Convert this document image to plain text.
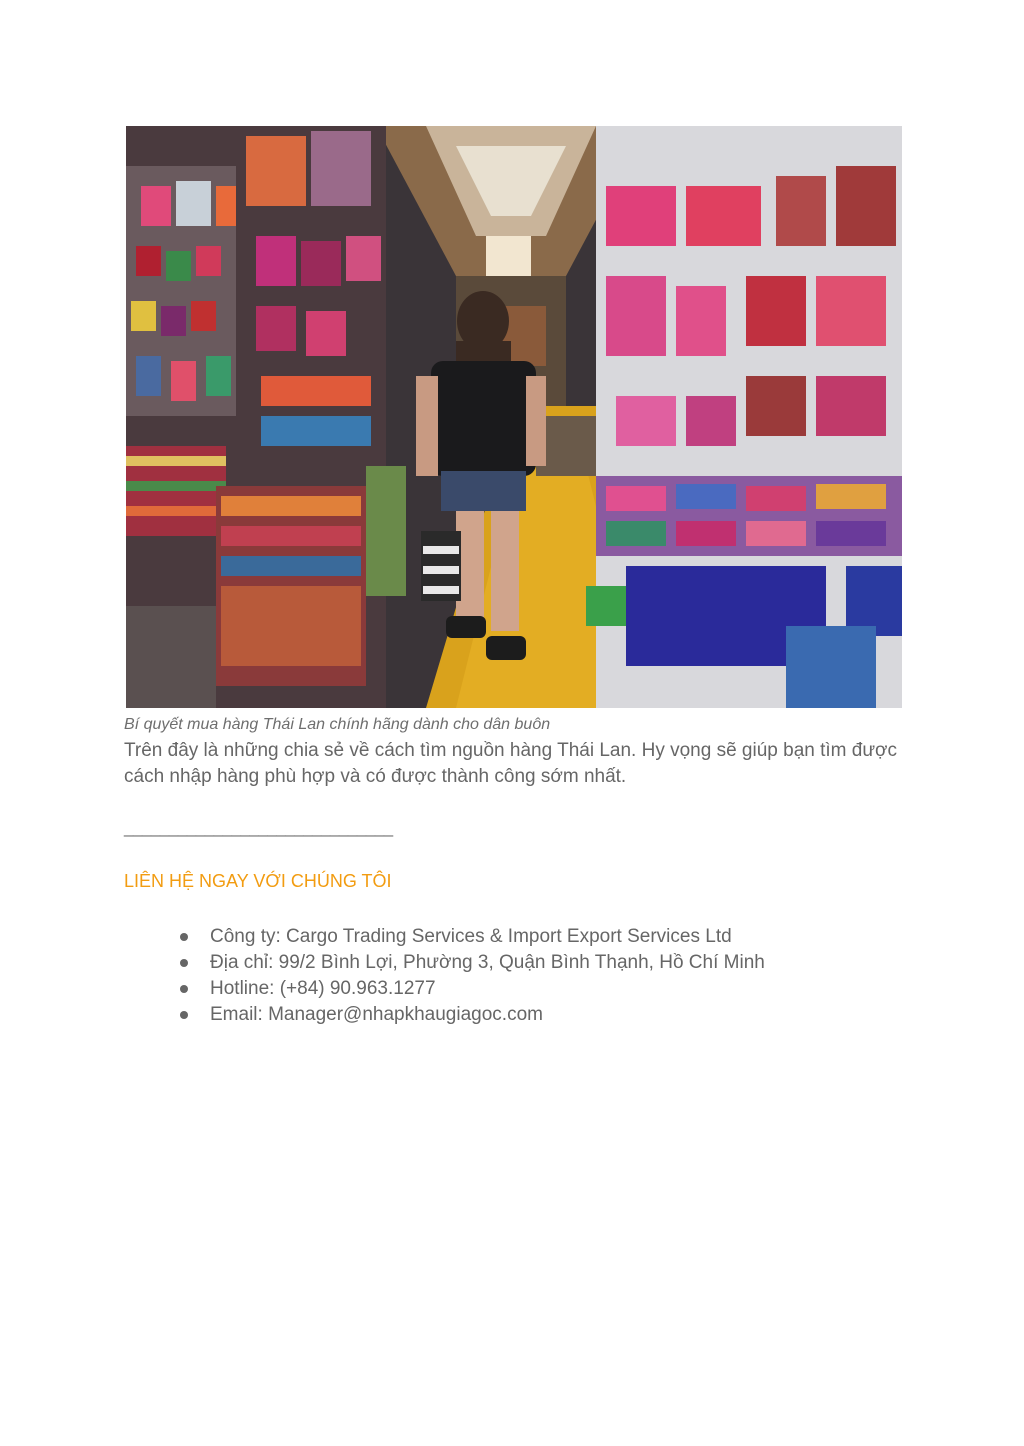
Bí quyết mua hàng Thái Lan chính hãng dành cho dân buôn

Trên đây là những chia sẻ về cách tìm nguồn hàng Thái Lan. Hy vọng sẽ giúp bạn tìm được cách nhập hàng phù hợp và có được thành công sớm nhất.

______________________________
LIÊN HỆ NGAY VỚI CHÚNG TÔI
Công ty: Cargo Trading Services & Import Export Services Ltd
Địa chỉ: 99/2 Bình Lợi, Phường 3, Quận Bình Thạnh, Hồ Chí Minh
Hotline: (+84) 90.963.1277
Email: Manager@nhapkhaugiagoc.com
